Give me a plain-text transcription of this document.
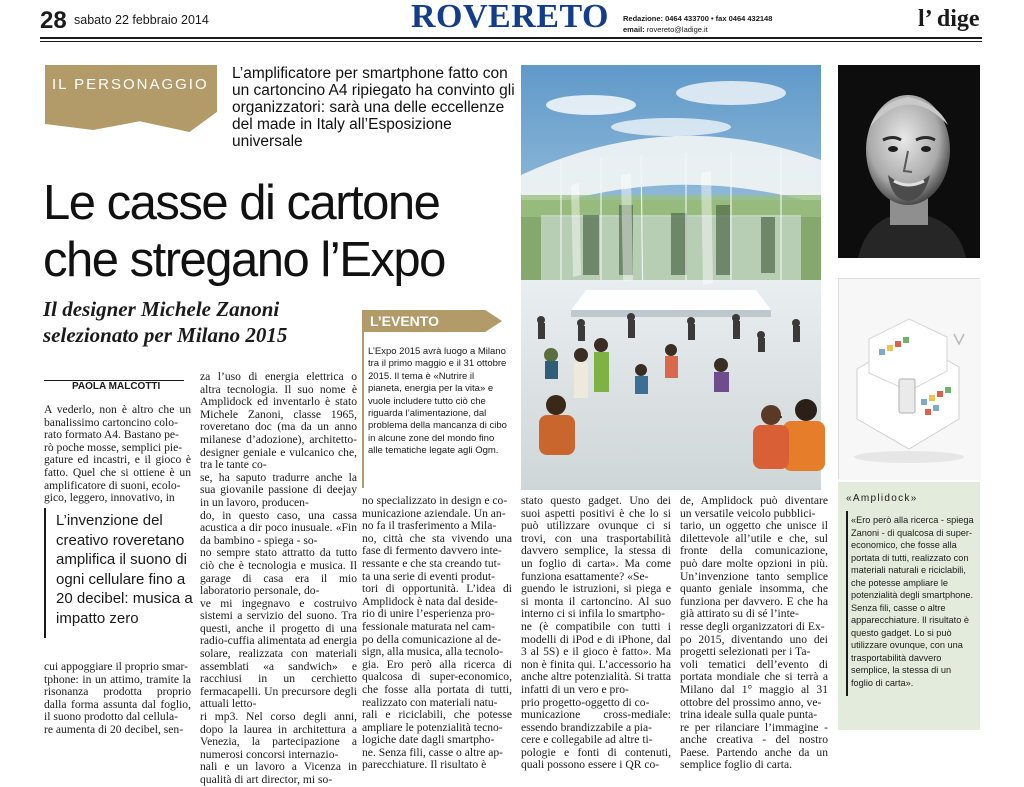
28 sabato 22 febbraio 2014	ROVERETO Redazione: 0464 433700 • fax 0464 432148
email: rovereto@ladige.it	l’ dige
IL PERSONAGGIO
L’amplificatore per smartphone fatto con un cartoncino A4 ripiegato ha convinto gli organizzatori: sarà una delle eccellenze del made in Italy all’Esposizione universale
Le casse di cartone
che stregano l’Expo
Il designer Michele Zanoni
selezionato per Milano 2015
L’EVENTO
L’Expo 2015 avrà luogo a Milano tra il primo maggio e il 31 ottobre 2015. Il tema è «Nutrire il pianeta, energia per la vita» e vuole includere tutto ciò che riguarda l’alimentazione, dal problema della mancanza di cibo in alcune zone del mondo fino alle tematiche legate agli Ogm.
PAOLA MALCOTTI
A vederlo, non è altro che un banalissimo cartoncino colo-
rato formato A4. Bastano pe-
rò poche mosse, semplici pie-
gature ed incastri, e il gioco è fatto. Quel che si ottiene è un amplificatore di suoni, ecolo-
gico, leggero, innovativo, in
L’invenzione del creativo roveretano amplifica il suono di ogni cellulare fino a 20 decibel: musica a impatto zero
cui appoggiare il proprio smar-
tphone: in un attimo, tramite la risonanza prodotta proprio dalla forma assunta dal foglio, il suono prodotto dal cellula-
re aumenta di 20 decibel, sen-
za l’uso di energia elettrica o altra tecnologia. Il suo nome è Amplidock ed inventarlo è stato Michele Zanoni, classe 1965, roveretano doc (ma da un anno milanese d’adozione), architetto-designer geniale e vulcanico che, tra le tante co-
se, ha saputo tradurre anche la sua giovanile passione di deejay in un lavoro, producen-
do, in questo caso, una cassa acustica a dir poco inusuale. «Fin da bambino - spiega - so-
no sempre stato attratto da tutto ciò che è tecnologia e musica. Il garage di casa era il mio laboratorio personale, do-
ve mi ingegnavo e costruivo sistemi a servizio del suono. Tra questi, anche il progetto di una radio-cuffia alimentata ad energia solare, realizzata con materiali assemblati «a sandwich» e racchiusi in un cerchietto fermacapelli. Un precursore degli attuali letto-
ri mp3. Nel corso degli anni, dopo la laurea in architettura a Venezia, la partecipazione a numerosi concorsi internazio-
nali e un lavoro a Vicenza in qualità di art director, mi so-
no specializzato in design e co-
municazione aziendale. Un an-
no fa il trasferimento a Mila-
no, città che sta vivendo una fase di fermento davvero inte-
ressante e che sta creando tut-
ta una serie di eventi produt-
tori di opportunità. L’idea di Amplidock è nata dal deside-
rio di unire l’esperienza pro-
fessionale maturata nel cam-
po della comunicazione al de-
sign, alla musica, alla tecnolo-
gia. Ero però alla ricerca di qualcosa di super-economico, che fosse alla portata di tutti, realizzato con materiali natu-
rali e riciclabili, che potesse ampliare le potenzialità tecno-
logiche date dagli smartpho-
ne. Senza fili, casse o altre ap-
parecchiature. Il risultato è
stato questo gadget. Uno dei suoi aspetti positivi è che lo si può utilizzare ovunque ci si trovi, con una trasportabilità davvero semplice, la stessa di un foglio di carta». Ma come funziona esattamente? «Se-
guendo le istruzioni, si piega e si monta il cartoncino. Al suo interno ci si infila lo smartpho-
ne (è compatibile con tutti i modelli di iPod e di iPhone, dal 3 al 5S) e il gioco è fatto». Ma non è finita qui. L’accessorio ha anche altre potenzialità. Si tratta infatti di un vero e pro-
prio progetto-oggetto di co-
municazione cross-mediale: essendo brandizzabile a pia-
cere e collegabile ad altre ti-
pologie e fonti di contenuti, quali possono essere i QR co-
de, Amplidock può diventare un versatile veicolo pubblici-
tario, un oggetto che unisce il dilettevole all’utile e che, sul fronte della comunicazione, può dare molte opzioni in più. Un’invenzione tanto semplice quanto geniale insomma, che funziona per davvero. E che ha già attirato su di sé l’inte-
resse degli organizzatori di Ex-
po 2015, diventando uno dei progetti selezionati per i Ta-
voli tematici dell’evento di portata mondiale che si terrà a Milano dal 1° maggio al 31 ottobre del prossimo anno, ve-
trina ideale sulla quale punta-
re per rilanciare l’immagine - anche creativa - del nostro Paese. Partendo anche da un semplice foglio di carta.
«Amplidock»
«Ero però alla ricerca - spiega Zanoni - di qualcosa di super-economico, che fosse alla portata di tutti, realizzato con materiali naturali e riciclabili, che potesse ampliare le potenzialità degli smartphone. Senza fili, casse o altre apparecchiature. Il risultato è questo gadget. Lo si può utilizzare ovunque, con una trasportabilità davvero semplice, la stessa di un foglio di carta».
